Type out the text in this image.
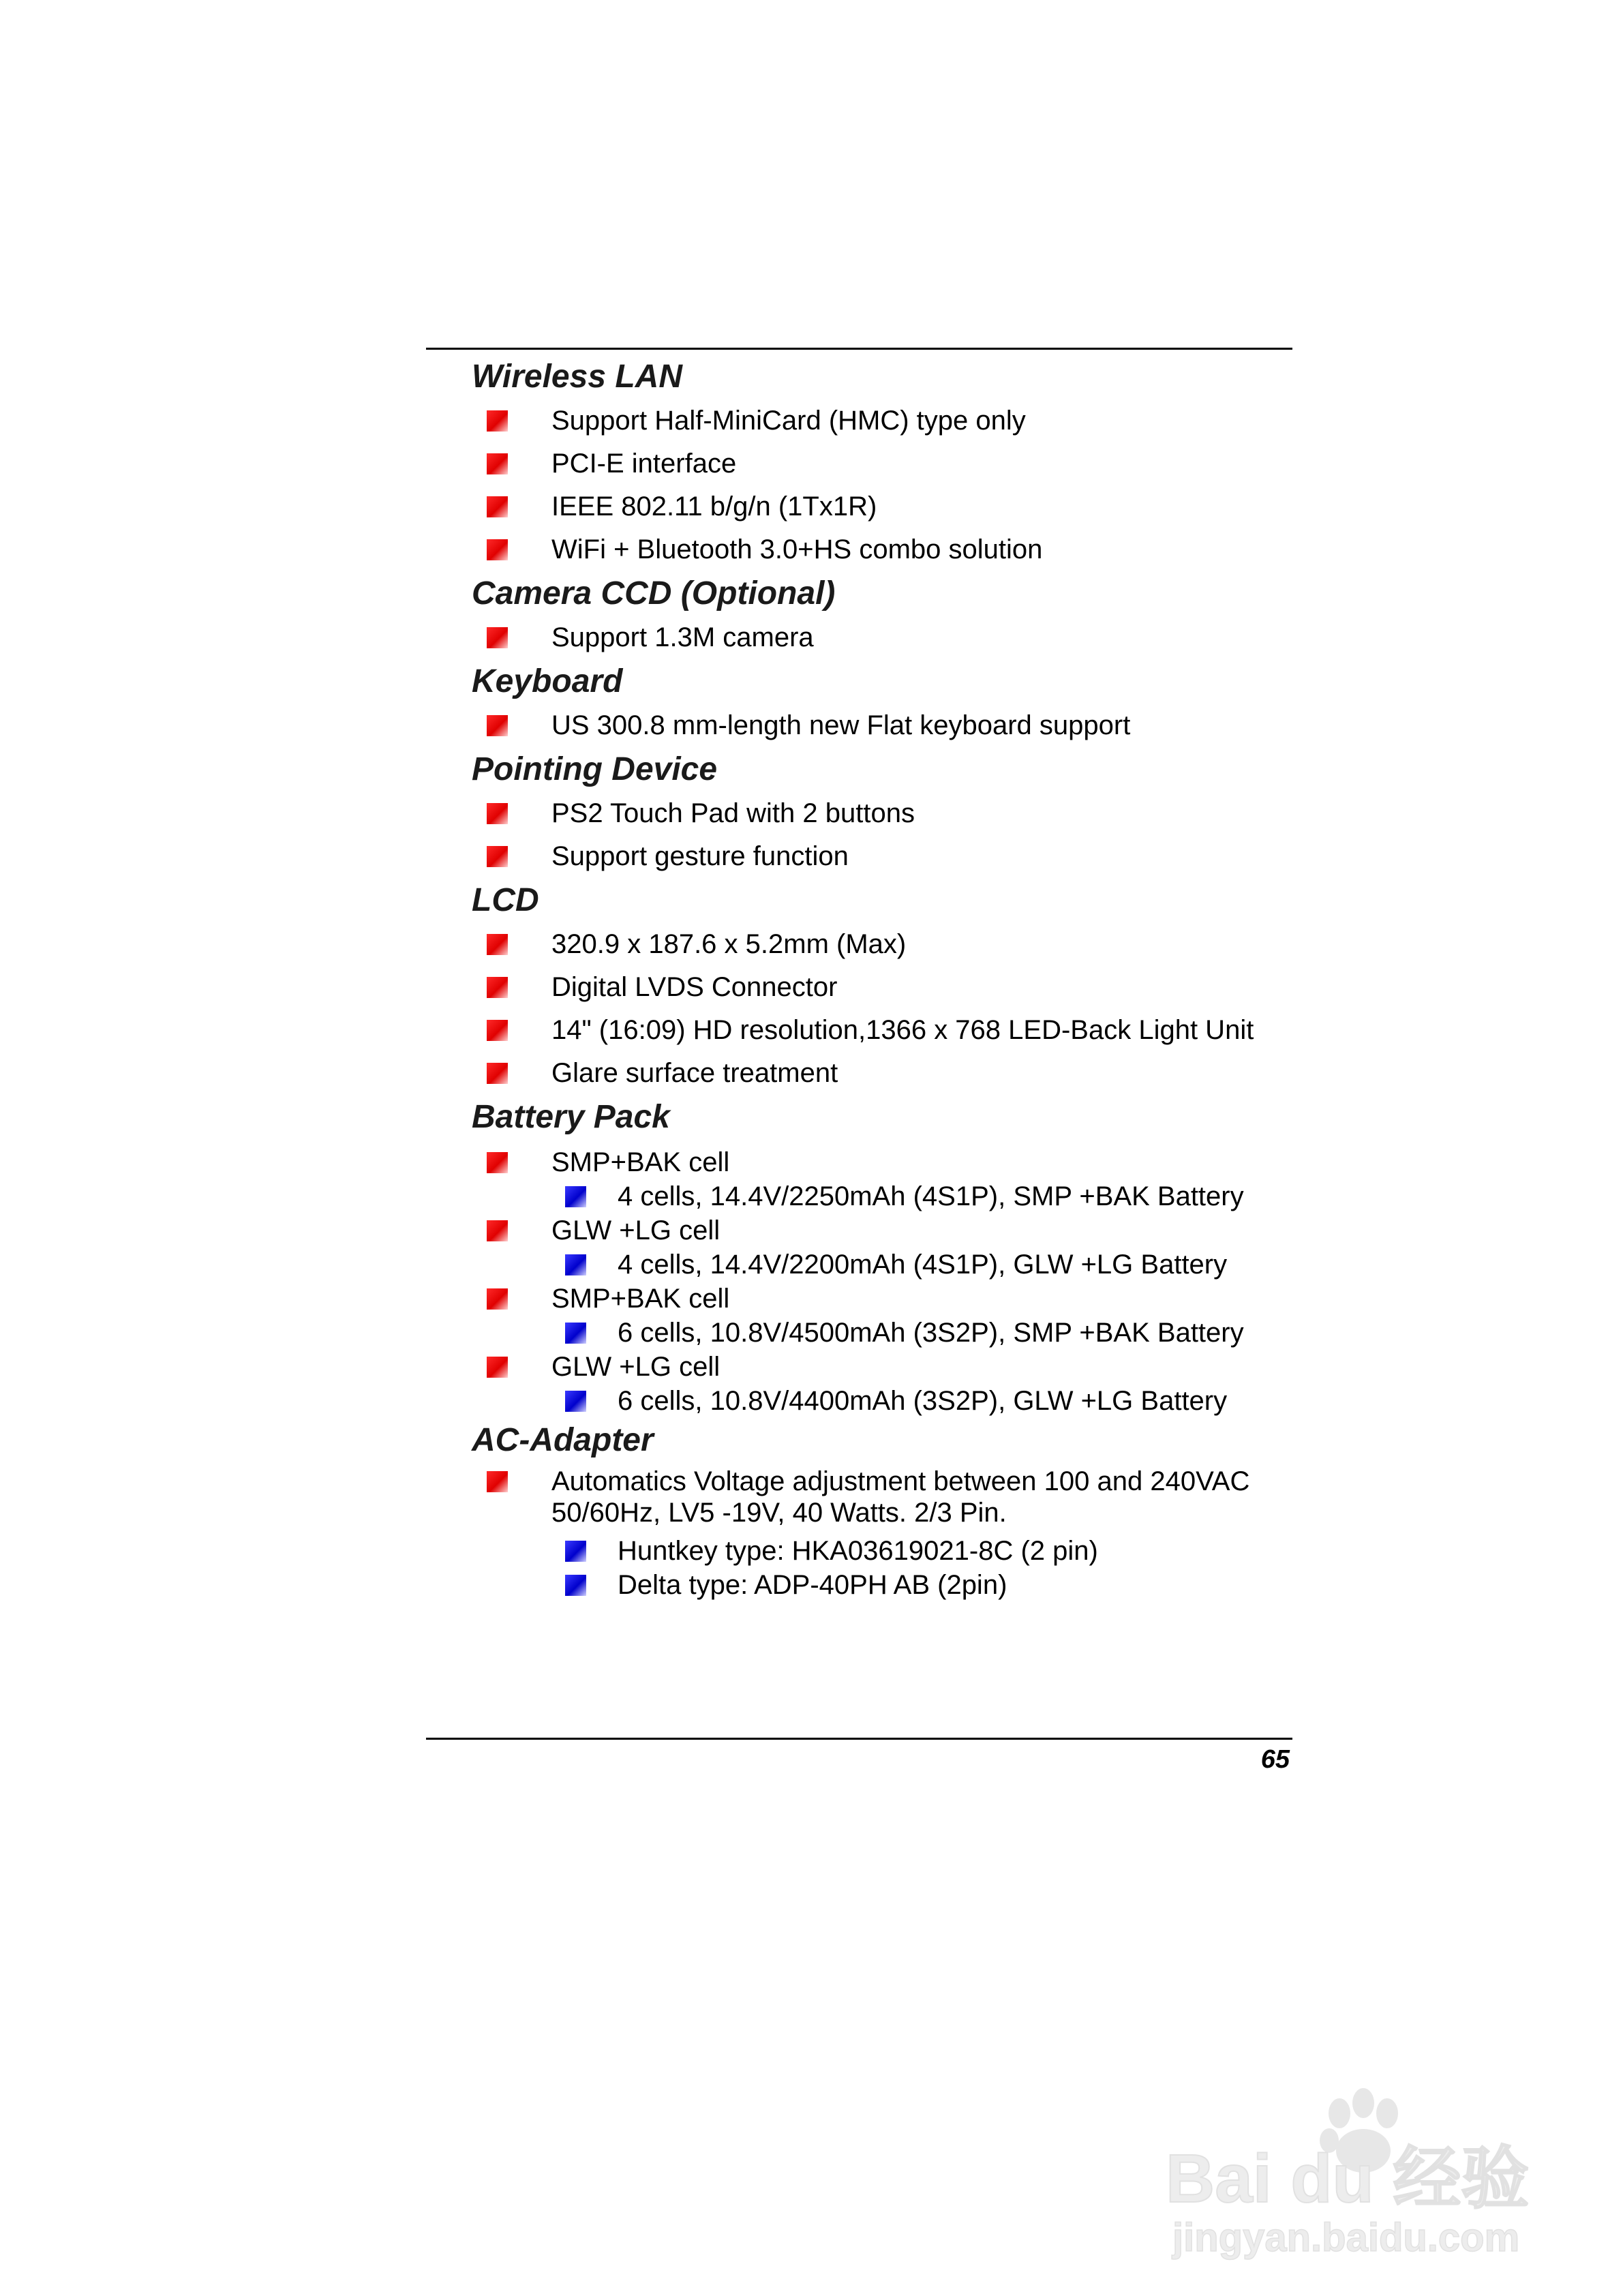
Wireless LAN
Support Half-MiniCard (HMC) type only
PCI-E interface
IEEE 802.11 b/g/n (1Tx1R)
WiFi + Bluetooth 3.0+HS combo solution
Camera CCD (Optional)
Support 1.3M camera
Keyboard
US 300.8 mm-length new Flat keyboard support
Pointing Device
PS2 Touch Pad with 2 buttons
Support gesture function
LCD
320.9 x 187.6 x 5.2mm (Max)
Digital LVDS Connector
14" (16:09) HD resolution,1366 x 768 LED-Back Light Unit
Glare surface treatment
Battery Pack
SMP+BAK cell
4 cells, 14.4V/2250mAh (4S1P), SMP +BAK Battery
GLW +LG cell
4 cells, 14.4V/2200mAh (4S1P), GLW +LG Battery
SMP+BAK cell
6 cells, 10.8V/4500mAh (3S2P), SMP +BAK Battery
GLW +LG cell
6 cells, 10.8V/4400mAh (3S2P), GLW +LG Battery
AC-Adapter
Automatics Voltage adjustment between 100 and 240VAC
50/60Hz, LV5 -19V, 40 Watts. 2/3 Pin.
Huntkey type: HKA03619021-8C (2 pin)
Delta type: ADP-40PH AB (2pin)
65
Bai du 经验
jingyan.baidu.com
